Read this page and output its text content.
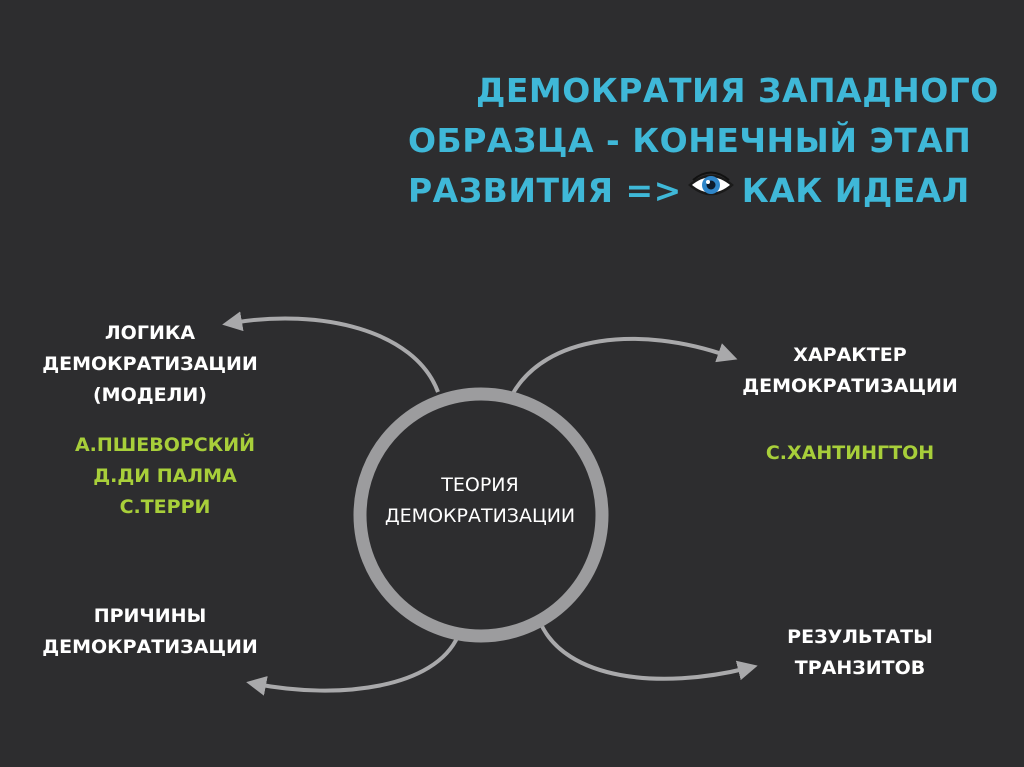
ДЕМОКРАТИЯ ЗАПАДНОГО
ОБРАЗЦА - КОНЕЧНЫЙ ЭТАП
РАЗВИТИЯ => КАК ИДЕАЛ
ТЕОРИЯ
ДЕМОКРАТИЗАЦИИ
ЛОГИКА
ДЕМОКРАТИЗАЦИИ
(МОДЕЛИ)
А.ПШЕВОРСКИЙ
Д.ДИ ПАЛМА
С.ТЕРРИ
ХАРАКТЕР
ДЕМОКРАТИЗАЦИИ
С.ХАНТИНГТОН
ПРИЧИНЫ
ДЕМОКРАТИЗАЦИИ	РЕЗУЛЬТАТЫ
ТРАНЗИТОВ
